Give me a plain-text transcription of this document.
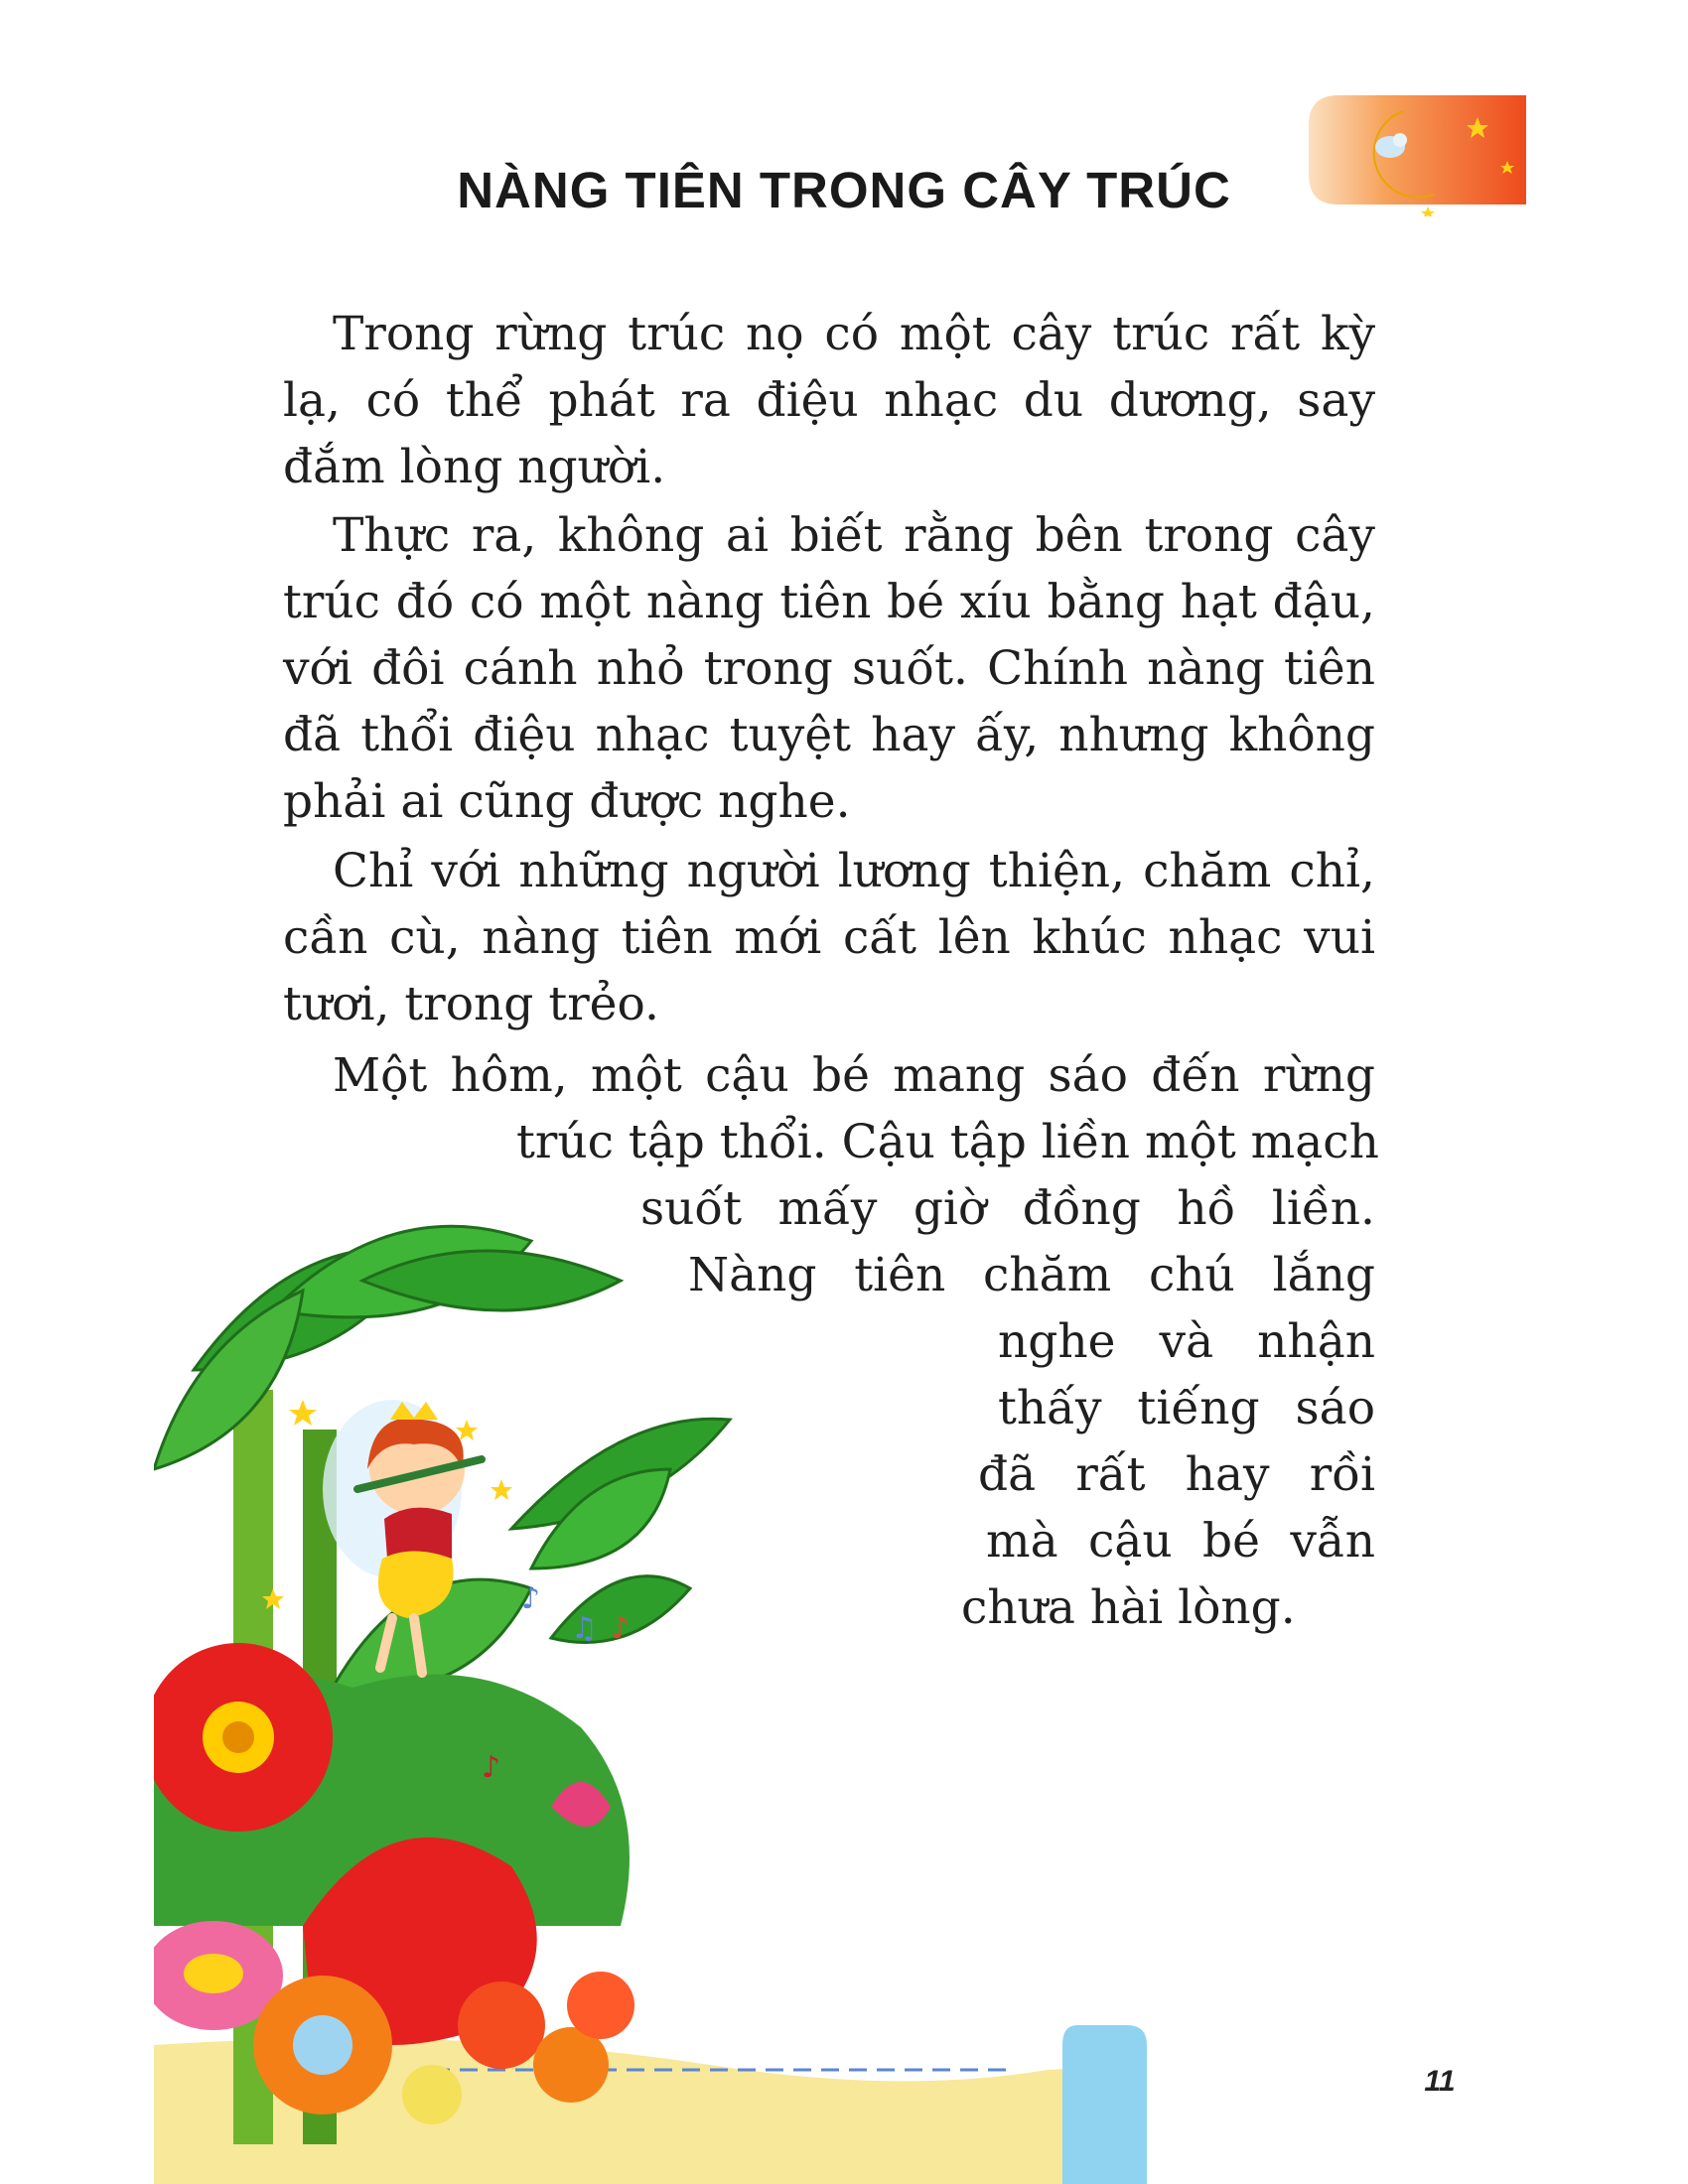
NÀNG TIÊN TRONG CÂY TRÚC
Trong rừng trúc nọ có một cây trúc rất kỳ
lạ, có thể phát ra điệu nhạc du dương, say
đắm lòng người.
Thực ra, không ai biết rằng bên trong cây
trúc đó có một nàng tiên bé xíu bằng hạt đậu,
với đôi cánh nhỏ trong suốt. Chính nàng tiên
đã thổi điệu nhạc tuyệt hay ấy, nhưng không
phải ai cũng được nghe.
Chỉ với những người lương thiện, chăm chỉ,
cần cù, nàng tiên mới cất lên khúc nhạc vui
tươi, trong trẻo.
Một hôm, một cậu bé mang sáo đến rừng
trúc tập thổi. Cậu tập liền một mạch
suốt mấy giờ đồng hồ liền.
Nàng tiên chăm chú lắng
nghe và nhận
thấy tiếng sáo
đã rất hay rồi
mà cậu bé vẫn
chưa hài lòng.
♪
♫ ♪
♪
11
